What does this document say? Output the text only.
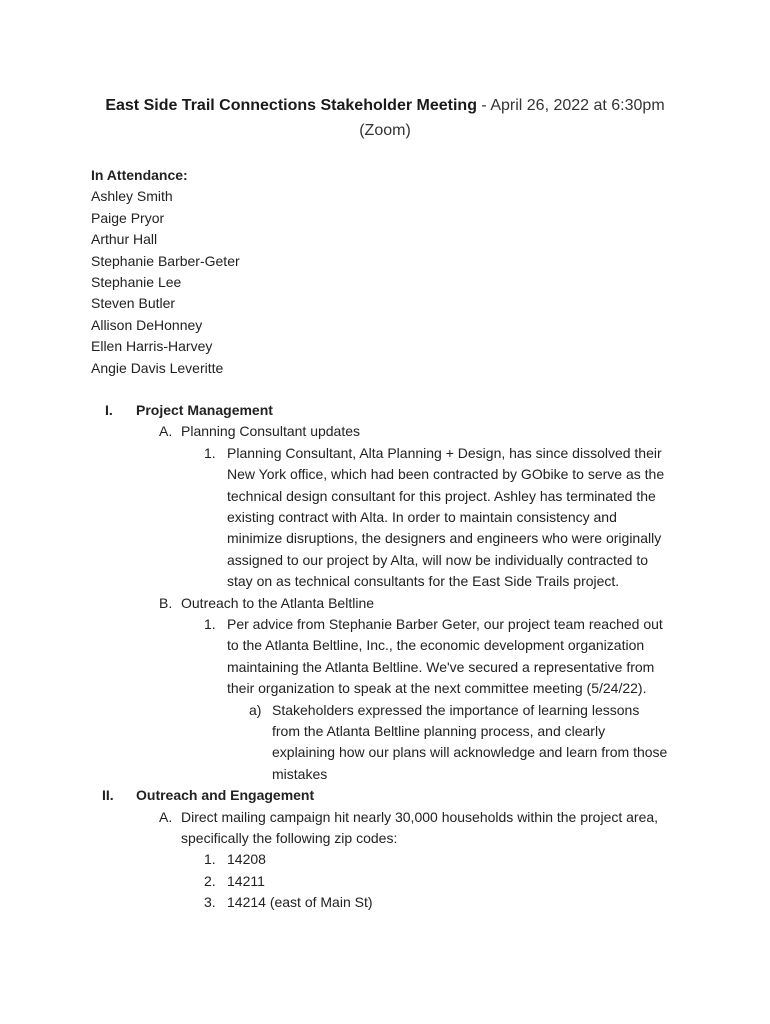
East Side Trail Connections Stakeholder Meeting - April 26, 2022 at 6:30pm
(Zoom)
In Attendance:
Ashley Smith
Paige Pryor
Arthur Hall
Stephanie Barber-Geter
Stephanie Lee
Steven Butler
Allison DeHonney
Ellen Harris-Harvey
Angie Davis Leveritte
I. Project Management
A. Planning Consultant updates
1. Planning Consultant, Alta Planning + Design, has since dissolved their
New York office, which had been contracted by GObike to serve as the
technical design consultant for this project. Ashley has terminated the
existing contract with Alta. In order to maintain consistency and
minimize disruptions, the designers and engineers who were originally
assigned to our project by Alta, will now be individually contracted to
stay on as technical consultants for the East Side Trails project.
B. Outreach to the Atlanta Beltline
1. Per advice from Stephanie Barber Geter, our project team reached out
to the Atlanta Beltline, Inc., the economic development organization
maintaining the Atlanta Beltline. We've secured a representative from
their organization to speak at the next committee meeting (5/24/22).
a) Stakeholders expressed the importance of learning lessons
from the Atlanta Beltline planning process, and clearly
explaining how our plans will acknowledge and learn from those
mistakes
II. Outreach and Engagement
A. Direct mailing campaign hit nearly 30,000 households within the project area,
specifically the following zip codes:
1. 14208
2. 14211
3. 14214 (east of Main St)
